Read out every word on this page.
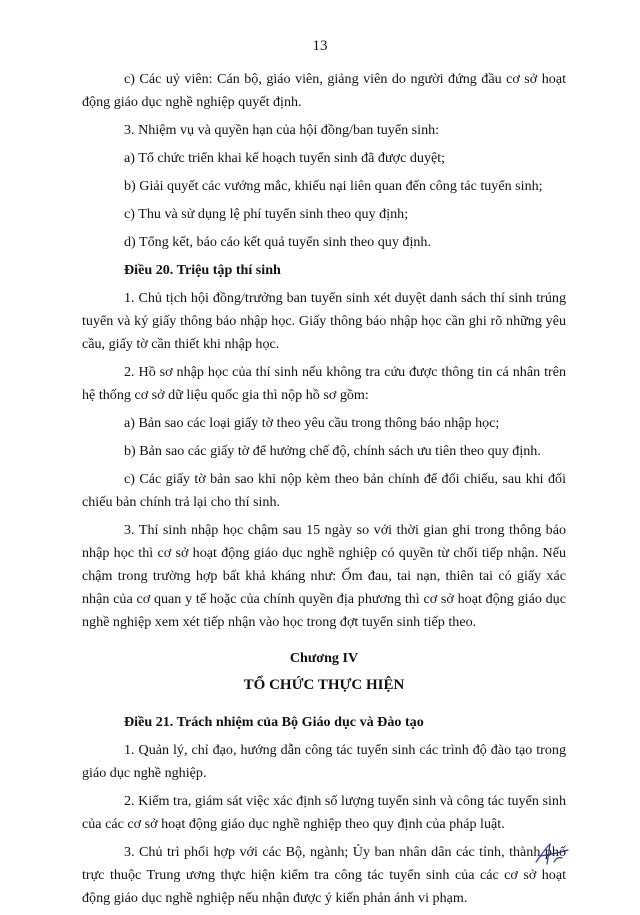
13

c) Các uỷ viên: Cán bộ, giáo viên, giảng viên do người đứng đầu cơ sở hoạt động giáo dục nghề nghiệp quyết định.

3. Nhiệm vụ và quyền hạn của hội đồng/ban tuyển sinh:

a) Tổ chức triển khai kế hoạch tuyển sinh đã được duyệt;

b) Giải quyết các vướng mắc, khiếu nại liên quan đến công tác tuyển sinh;

c) Thu và sử dụng lệ phí tuyển sinh theo quy định;

d) Tổng kết, báo cáo kết quả tuyển sinh theo quy định.

Điều 20. Triệu tập thí sinh

1. Chủ tịch hội đồng/trưởng ban tuyển sinh xét duyệt danh sách thí sinh trúng tuyển và ký giấy thông báo nhập học. Giấy thông báo nhập học cần ghi rõ những yêu cầu, giấy tờ cần thiết khi nhập học.

2. Hồ sơ nhập học của thí sinh nếu không tra cứu được thông tin cá nhân trên hệ thống cơ sở dữ liệu quốc gia thì nộp hồ sơ gồm:

a) Bản sao các loại giấy tờ theo yêu cầu trong thông báo nhập học;

b) Bản sao các giấy tờ để hưởng chế độ, chính sách ưu tiên theo quy định.

c) Các giấy tờ bản sao khi nộp kèm theo bản chính để đối chiếu, sau khi đối chiếu bản chính trả lại cho thí sinh.

3. Thí sinh nhập học chậm sau 15 ngày so với thời gian ghi trong thông báo nhập học thì cơ sở hoạt động giáo dục nghề nghiệp có quyền từ chối tiếp nhận. Nếu chậm trong trường hợp bất khả kháng như: Ốm đau, tai nạn, thiên tai có giấy xác nhận của cơ quan y tế hoặc của chính quyền địa phương thì cơ sở hoạt động giáo dục nghề nghiệp xem xét tiếp nhận vào học trong đợt tuyển sinh tiếp theo.

Chương IV

TỔ CHỨC THỰC HIỆN

Điều 21. Trách nhiệm của Bộ Giáo dục và Đào tạo

1. Quản lý, chỉ đạo, hướng dẫn công tác tuyển sinh các trình độ đào tạo trong giáo dục nghề nghiệp.

2. Kiểm tra, giám sát việc xác định số lượng tuyển sinh và công tác tuyển sinh của các cơ sở hoạt động giáo dục nghề nghiệp theo quy định của pháp luật.

3. Chủ trì phối hợp với các Bộ, ngành; Ủy ban nhân dân các tỉnh, thành phố trực thuộc Trung ương thực hiện kiểm tra công tác tuyển sinh của các cơ sở hoạt động giáo dục nghề nghiệp nếu nhận được ý kiến phản ánh vi phạm.
